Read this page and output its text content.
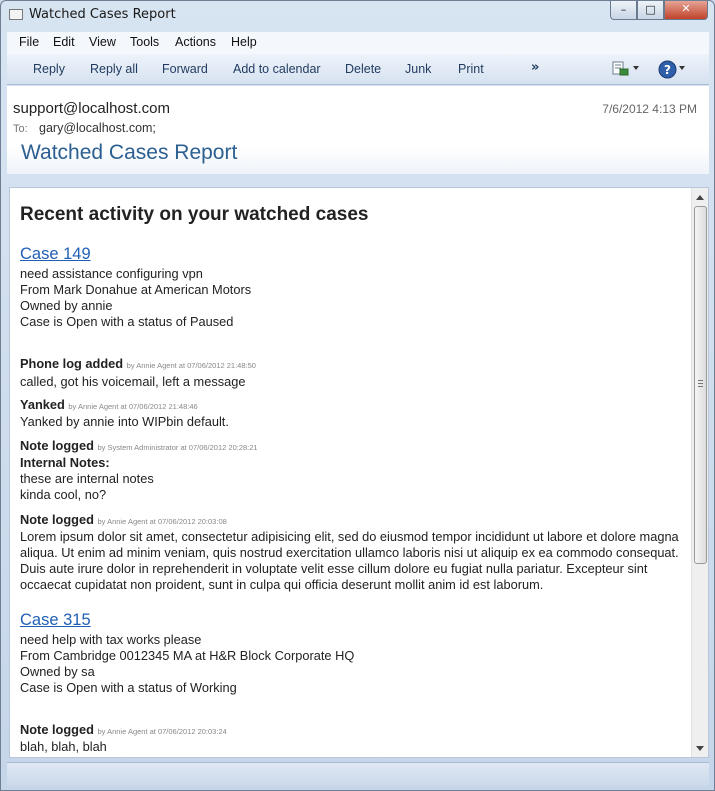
Watched Cases Report	–	□	✕
File Edit View Tools Actions Help
Reply Reply all Forward Add to calendar Delete Junk Print	»	?
support@localhost.com	7/6/2012 4:13 PM
To: gary@localhost.com;
Watched Cases Report
Recent activity on your watched cases
Case 149
need assistance configuring vpn
From Mark Donahue at American Motors
Owned by annie
Case is Open with a status of Paused
Phone log added by Annie Agent at 07/06/2012 21:48:50
called, got his voicemail, left a message
Yanked by Annie Agent at 07/06/2012 21:48:46
Yanked by annie into WIPbin default.
Note logged by System Administrator at 07/06/2012 20:28:21
Internal Notes:
these are internal notes
kinda cool, no?
Note logged by Annie Agent at 07/06/2012 20:03:08
Lorem ipsum dolor sit amet, consectetur adipisicing elit, sed do eiusmod tempor incididunt ut labore et dolore magna aliqua. Ut enim ad minim veniam, quis nostrud exercitation ullamco laboris nisi ut aliquip ex ea commodo consequat. Duis aute irure dolor in reprehenderit in voluptate velit esse cillum dolore eu fugiat nulla pariatur. Excepteur sint occaecat cupidatat non proident, sunt in culpa qui officia deserunt mollit anim id est laborum.
Case 315
need help with tax works please
From Cambridge 0012345 MA at H&R Block Corporate HQ
Owned by sa
Case is Open with a status of Working
Note logged by Annie Agent at 07/06/2012 20:03:24
blah, blah, blah
